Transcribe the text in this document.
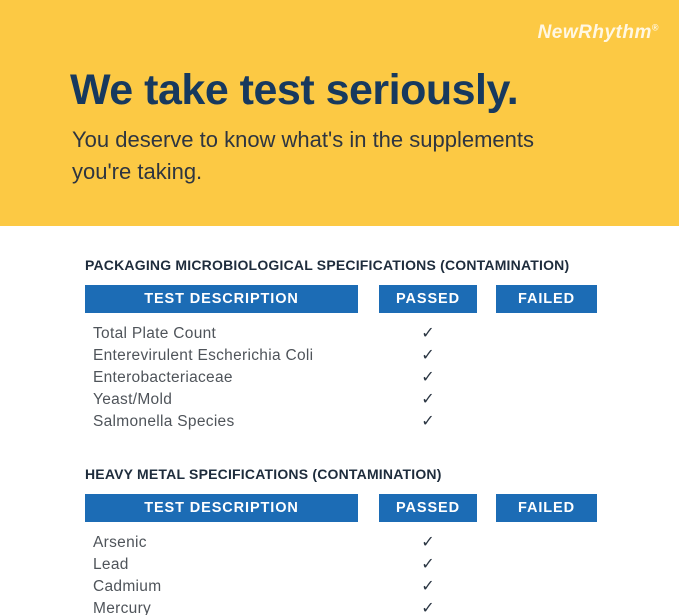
NewRhythm®
We take test seriously.

You deserve to know what's in the supplements
you're taking.

PACKAGING MICROBIOLOGICAL SPECIFICATIONS (CONTAMINATION)
TEST DESCRIPTION	PASSED	FAILED
Total Plate Count	✓
Enterevirulent Escherichia Coli	✓
Enterobacteriaceae	✓
Yeast/Mold	✓
Salmonella Species	✓
HEAVY METAL SPECIFICATIONS (CONTAMINATION)
TEST DESCRIPTION	PASSED	FAILED
Arsenic	✓
Lead	✓
Cadmium	✓
Mercury	✓
